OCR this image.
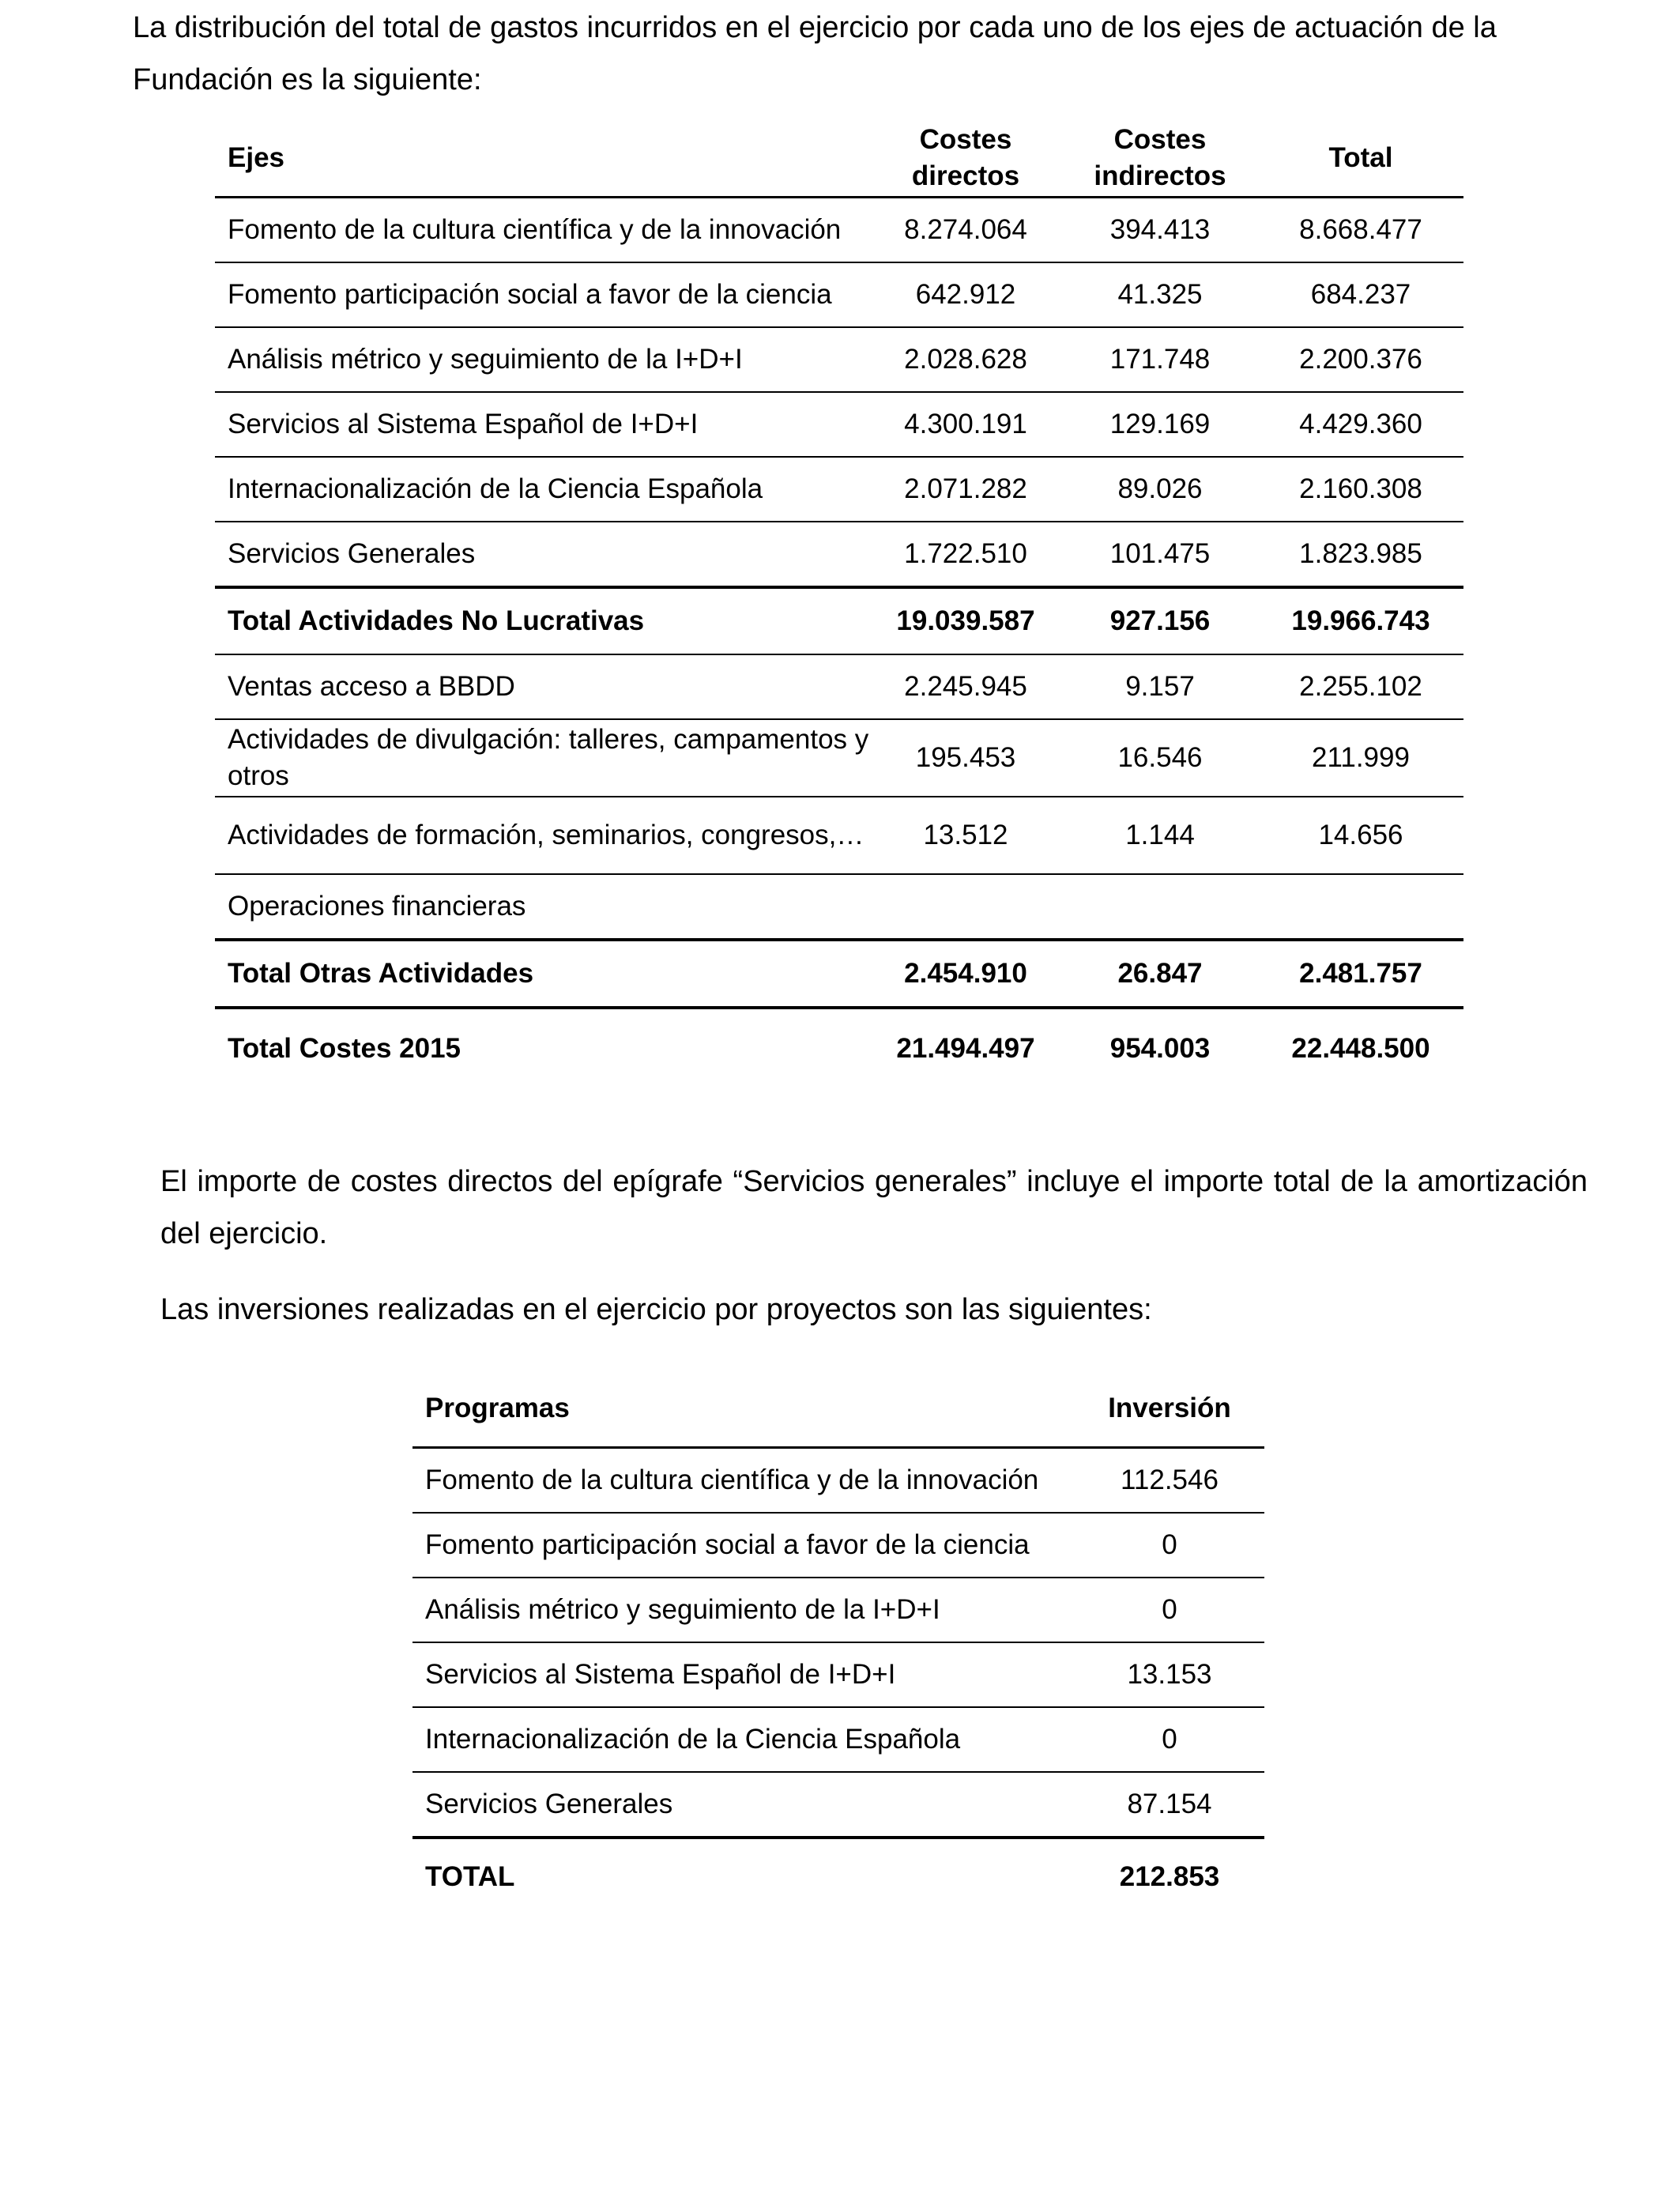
La distribución del total de gastos incurridos en el ejercicio por cada uno de los ejes de actuación de la Fundación es la siguiente:

Ejes	Costes directos	Costes indirectos	Total
Fomento de la cultura científica y de la innovación	8.274.064	394.413	8.668.477
Fomento participación social a favor de la ciencia	642.912	41.325	684.237
Análisis métrico y seguimiento de la I+D+I	2.028.628	171.748	2.200.376
Servicios al Sistema Español de I+D+I	4.300.191	129.169	4.429.360
Internacionalización de la Ciencia Española	2.071.282	89.026	2.160.308
Servicios Generales	1.722.510	101.475	1.823.985
Total Actividades No Lucrativas	19.039.587	927.156	19.966.743
Ventas acceso a BBDD	2.245.945	9.157	2.255.102
Actividades de divulgación: talleres, campamentos y otros	195.453	16.546	211.999
Actividades de formación, seminarios, congresos,…	13.512	1.144	14.656
Operaciones financieras			
Total Otras Actividades	2.454.910	26.847	2.481.757
Total Costes 2015	21.494.497	954.003	22.448.500

El importe de costes directos del epígrafe “Servicios generales” incluye el importe total de la amortización del ejercicio.

Las inversiones realizadas en el ejercicio por proyectos son las siguientes:

Programas	Inversión
Fomento de la cultura científica y de la innovación	112.546
Fomento participación social a favor de la ciencia	0
Análisis métrico y seguimiento de la I+D+I	0
Servicios al Sistema Español de I+D+I	13.153
Internacionalización de la Ciencia Española	0
Servicios Generales	87.154
TOTAL	212.853
